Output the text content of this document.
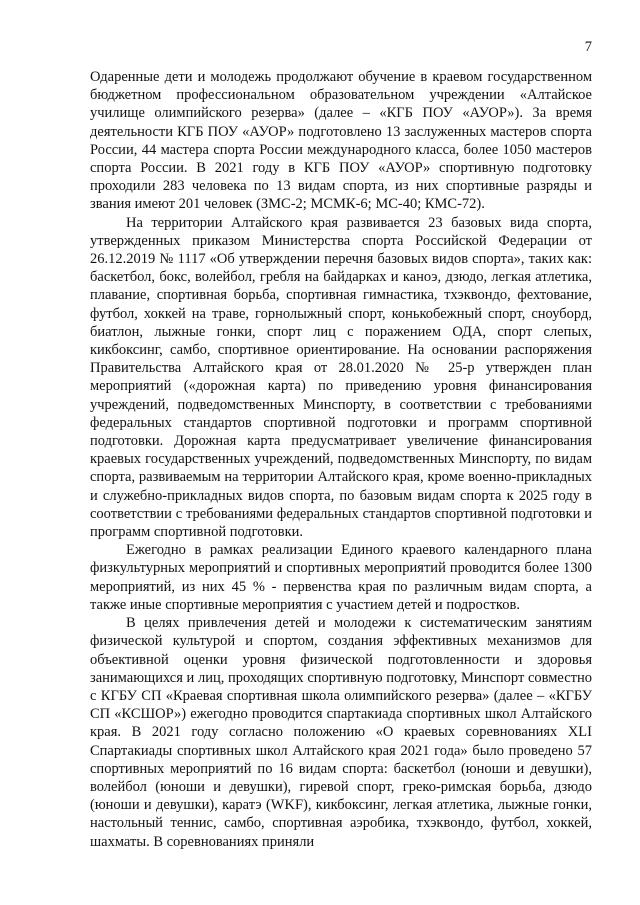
7

Одаренные дети и молодежь продолжают обучение в краевом государственном бюджетном профессиональном образовательном учреждении «Алтайское училище олимпийского резерва» (далее – «КГБ ПОУ «АУОР»). За время деятельности КГБ ПОУ «АУОР» подготовлено 13 заслуженных мастеров спорта России, 44 мастера спорта России международного класса, более 1050 мастеров спорта России. В 2021 году в КГБ ПОУ «АУОР» спортивную подготовку проходили 283 человека по 13 видам спорта, из них спортивные разряды и звания имеют 201 человек (ЗМС-2; МСМК-6; МС-40; КМС-72).

На территории Алтайского края развивается 23 базовых вида спорта, утвержденных приказом Министерства спорта Российской Федерации от 26.12.2019 № 1117 «Об утверждении перечня базовых видов спорта», таких как: баскетбол, бокс, волейбол, гребля на байдарках и каноэ, дзюдо, легкая атлетика, плавание, спортивная борьба, спортивная гимнастика, тхэквондо, фехтование, футбол, хоккей на траве, горнолыжный спорт, конькобежный спорт, сноуборд, биатлон, лыжные гонки, спорт лиц с поражением ОДА, спорт слепых, кикбоксинг, самбо, спортивное ориентирование. На основании распоряжения Правительства Алтайского края от 28.01.2020 № 25-р утвержден план мероприятий («дорожная карта) по приведению уровня финансирования учреждений, подведомственных Минспорту, в соответствии с требованиями федеральных стандартов спортивной подготовки и программ спортивной подготовки. Дорожная карта предусматривает увеличение финансирования краевых государственных учреждений, подведомственных Минспорту, по видам спорта, развиваемым на территории Алтайского края, кроме военно-прикладных и служебно-прикладных видов спорта, по базовым видам спорта к 2025 году в соответствии с требованиями федеральных стандартов спортивной подготовки и программ спортивной подготовки.

Ежегодно в рамках реализации Единого краевого календарного плана физкультурных мероприятий и спортивных мероприятий проводится более 1300 мероприятий, из них 45 % - первенства края по различным видам спорта, а также иные спортивные мероприятия с участием детей и подростков.

В целях привлечения детей и молодежи к систематическим занятиям физической культурой и спортом, создания эффективных механизмов для объективной оценки уровня физической подготовленности и здоровья занимающихся и лиц, проходящих спортивную подготовку, Минспорт совместно с КГБУ СП «Краевая спортивная школа олимпийского резерва» (далее – «КГБУ СП «КСШОР») ежегодно проводится спартакиада спортивных школ Алтайского края. В 2021 году согласно положению «О краевых соревнованиях XLI Спартакиады спортивных школ Алтайского края 2021 года» было проведено 57 спортивных мероприятий по 16 видам спорта: баскетбол (юноши и девушки), волейбол (юноши и девушки), гиревой спорт, греко-римская борьба, дзюдо (юноши и девушки), каратэ (WKF), кикбоксинг, легкая атлетика, лыжные гонки, настольный теннис, самбо, спортивная аэробика, тхэквондо, футбол, хоккей, шахматы. В соревнованиях приняли
